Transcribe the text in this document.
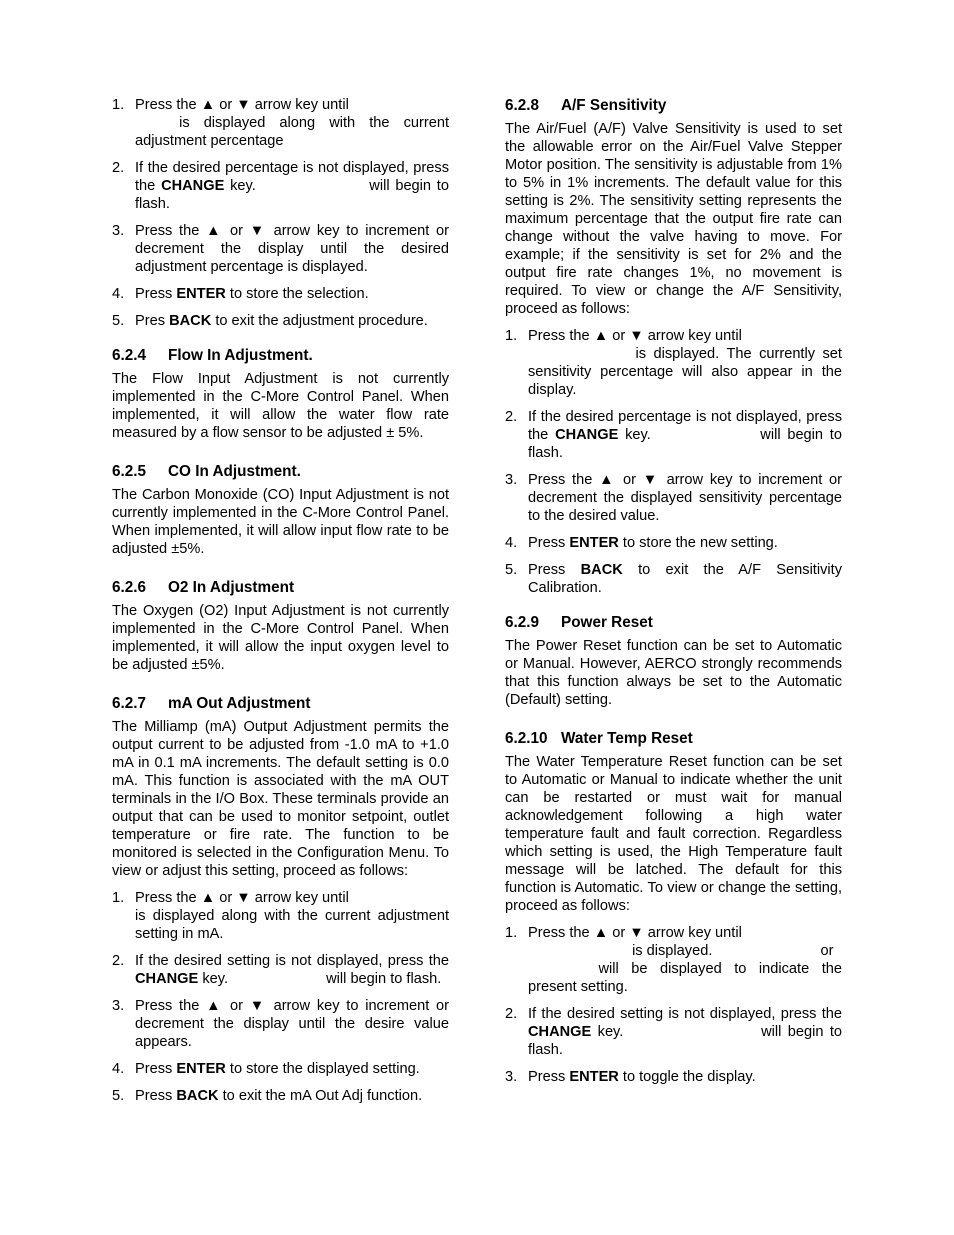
1. Press the ▲ or ▼ arrow key until
is displayed along with the current adjustment percentage
2. If the desired percentage is not displayed, press the CHANGE key.	will begin to flash.
3. Press the ▲ or ▼ arrow key to increment or decrement the display until the desired adjustment percentage is displayed.
4. Press ENTER to store the selection.
5. Pres BACK to exit the adjustment procedure.
6.2.4 Flow In Adjustment.

The Flow Input Adjustment is not currently implemented in the C-More Control Panel. When implemented, it will allow the water flow rate measured by a flow sensor to be adjusted ± 5%.

6.2.5 CO In Adjustment.

The Carbon Monoxide (CO) Input Adjustment is not currently implemented in the C-More Control Panel. When implemented, it will allow input flow rate to be adjusted ±5%.

6.2.6 O2 In Adjustment

The Oxygen (O2) Input Adjustment is not currently implemented in the C-More Control Panel. When implemented, it will allow the input oxygen level to be adjusted ±5%.

6.2.7 mA Out Adjustment

The Milliamp (mA) Output Adjustment permits the output current to be adjusted from -1.0 mA to +1.0 mA in 0.1 mA increments. The default setting is 0.0 mA. This function is associated with the mA OUT terminals in the I/O Box. These terminals provide an output that can be used to monitor setpoint, outlet temperature or fire rate. The function to be monitored is selected in the Configuration Menu. To view or adjust this setting, proceed as follows:

1. Press the ▲ or ▼ arrow key until
is displayed along with the current adjustment setting in mA.
2. If the desired setting is not displayed, press the CHANGE key.	will begin to flash.
3. Press the ▲ or ▼ arrow key to increment or decrement the display until the desire value appears.
4. Press ENTER to store the displayed setting.
5. Press BACK to exit the mA Out Adj function.
6.2.8 A/F Sensitivity

The Air/Fuel (A/F) Valve Sensitivity is used to set the allowable error on the Air/Fuel Valve Stepper Motor position. The sensitivity is adjustable from 1% to 5% in 1% increments. The default value for this setting is 2%. The sensitivity setting represents the maximum percentage that the output fire rate can change without the valve having to move. For example; if the sensitivity is set for 2% and the output fire rate changes 1%, no movement is required. To view or change the A/F Sensitivity, proceed as follows:

1. Press the ▲ or ▼ arrow key until
is displayed. The currently set sensitivity percentage will also appear in the display.
2. If the desired percentage is not displayed, press the CHANGE key.	will begin to flash.
3. Press the ▲ or ▼ arrow key to increment or decrement the displayed sensitivity percentage to the desired value.
4. Press ENTER to store the new setting.
5. Press BACK to exit the A/F Sensitivity Calibration.
6.2.9 Power Reset

The Power Reset function can be set to Automatic or Manual. However, AERCO strongly recommends that this function always be set to the Automatic (Default) setting.

6.2.10 Water Temp Reset

The Water Temperature Reset function can be set to Automatic or Manual to indicate whether the unit can be restarted or must wait for manual acknowledgement following a high water temperature fault and fault correction. Regardless which setting is used, the High Temperature fault message will be latched. The default for this function is Automatic. To view or change the setting, proceed as follows:

1. Press the ▲ or ▼ arrow key until
is displayed.	or
will be displayed to indicate the present setting.
2. If the desired setting is not displayed, press the CHANGE key.	will begin to flash.
3. Press ENTER to toggle the display.
